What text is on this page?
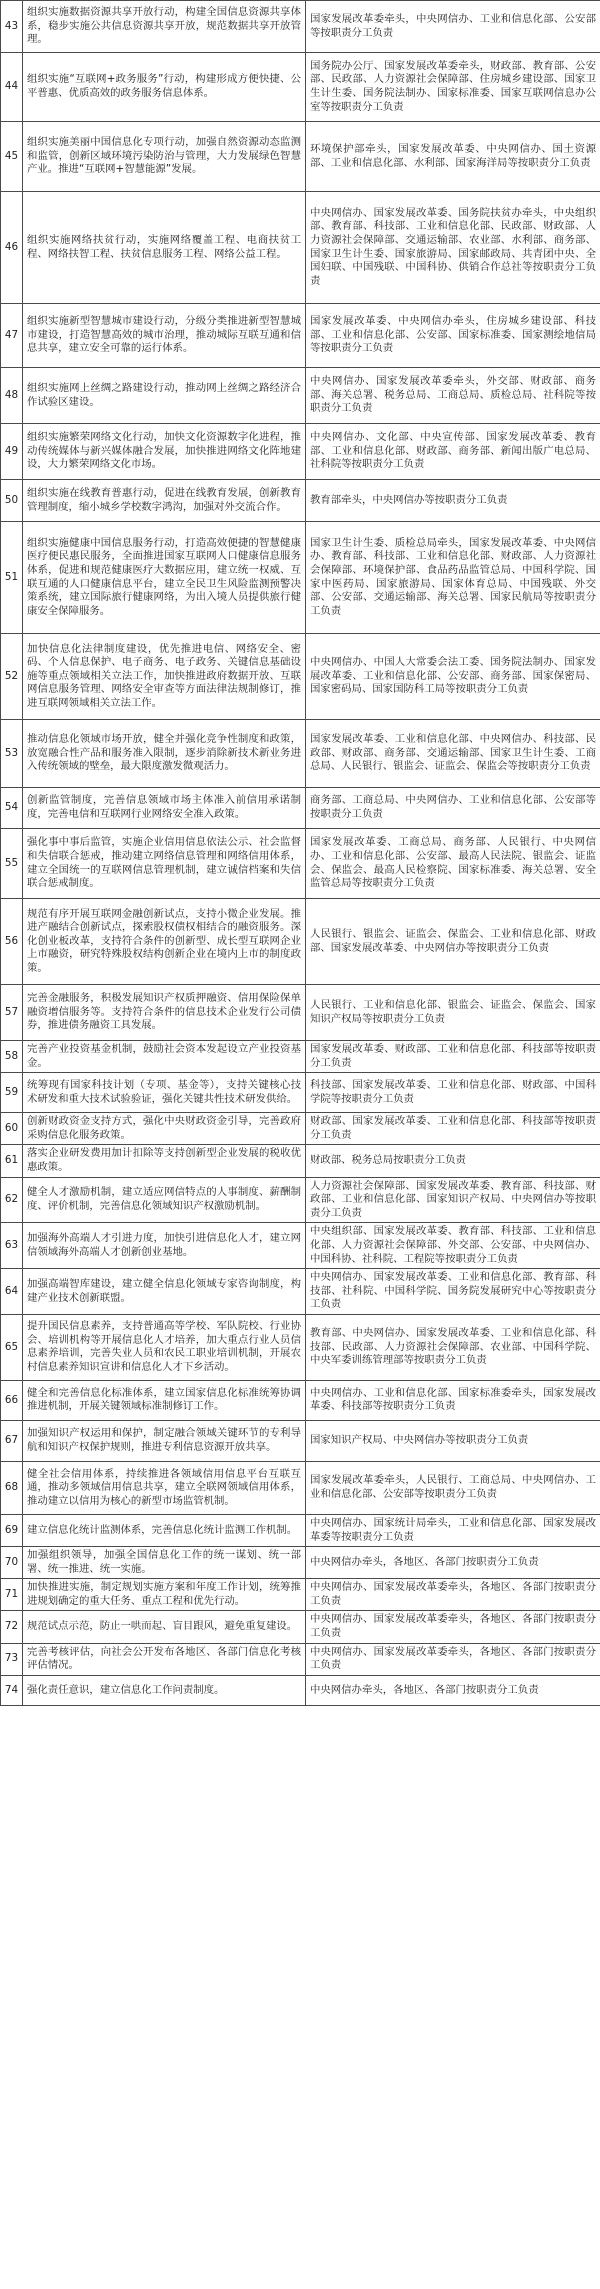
43	组织实施数据资源共享开放行动，构建全国信息资源共享体系，稳步实施公共信息资源共享开放，规范数据共享开放管理。	国家发展改革委牵头，中央网信办、工业和信息化部、公安部等按职责分工负责
44	组织实施“互联网+政务服务”行动，构建形成方便快捷、公平普惠、优质高效的政务服务信息体系。	国务院办公厅、国家发展改革委牵头，财政部、教育部、公安部、民政部、人力资源社会保障部、住房城乡建设部、国家卫生计生委、国务院法制办、国家标准委、国家互联网信息办公室等按职责分工负责
45	组织实施美丽中国信息化专项行动，加强自然资源动态监测和监管，创新区域环境污染防治与管理，大力发展绿色智慧产业。推进“互联网+智慧能源”发展。	环境保护部牵头，国家发展改革委、中央网信办、国土资源部、工业和信息化部、水利部、国家海洋局等按职责分工负责
46	组织实施网络扶贫行动，实施网络覆盖工程、电商扶贫工程、网络扶智工程、扶贫信息服务工程、网络公益工程。	中央网信办、国家发展改革委、国务院扶贫办牵头，中央组织部、教育部、科技部、工业和信息化部、民政部、财政部、人力资源社会保障部、交通运输部、农业部、水利部、商务部、国家卫生计生委、国家旅游局、国家邮政局、共青团中央、全国妇联、中国残联、中国科协、供销合作总社等按职责分工负责
47	组织实施新型智慧城市建设行动，分级分类推进新型智慧城市建设，打造智慧高效的城市治理，推动城际互联互通和信息共享，建立安全可靠的运行体系。	国家发展改革委、中央网信办牵头，住房城乡建设部、科技部、工业和信息化部、公安部、国家标准委、国家测绘地信局等按职责分工负责
48	组织实施网上丝绸之路建设行动，推动网上丝绸之路经济合作试验区建设。	中央网信办、国家发展改革委牵头，外交部、财政部、商务部、海关总署、税务总局、工商总局、质检总局、社科院等按职责分工负责
49	组织实施繁荣网络文化行动，加快文化资源数字化进程，推动传统媒体与新兴媒体融合发展，加快推进网络文化阵地建设，大力繁荣网络文化市场。	中央网信办、文化部、中央宣传部、国家发展改革委、教育部、工业和信息化部、财政部、商务部、新闻出版广电总局、社科院等按职责分工负责
50	组织实施在线教育普惠行动，促进在线教育发展，创新教育管理制度，缩小城乡学校数字鸿沟，加强对外交流合作。	教育部牵头，中央网信办等按职责分工负责
51	组织实施健康中国信息服务行动，打造高效便捷的智慧健康医疗便民惠民服务，全面推进国家互联网人口健康信息服务体系，促进和规范健康医疗大数据应用，建立统一权威、互联互通的人口健康信息平台，建立全民卫生风险监测预警决策系统，建立国际旅行健康网络，为出入境人员提供旅行健康安全保障服务。	国家卫生计生委、质检总局牵头，国家发展改革委、中央网信办、教育部、科技部、工业和信息化部、财政部、人力资源社会保障部、环境保护部、食品药品监管总局、中国科学院、国家中医药局、国家旅游局、国家体育总局、中国残联、外交部、公安部、交通运输部、海关总署、国家民航局等按职责分工负责
52	加快信息化法律制度建设，优先推进电信、网络安全、密码、个人信息保护、电子商务、电子政务、关键信息基础设施等重点领域相关立法工作，加快推进政府数据开放、互联网信息服务管理、网络安全审查等方面法律法规制修订，推进互联网领域相关立法工作。	中央网信办、中国人大常委会法工委、国务院法制办、国家发展改革委、工业和信息化部、公安部、商务部、国家保密局、国家密码局、国家国防科工局等按职责分工负责
53	推动信息化领域市场开放，健全并强化竞争性制度和政策，放宽融合性产品和服务准入限制，逐步消除新技术新业务进入传统领域的壁垒，最大限度激发微观活力。	国家发展改革委、工业和信息化部、中央网信办、科技部、民政部、财政部、商务部、交通运输部、国家卫生计生委、工商总局、人民银行、银监会、证监会、保监会等按职责分工负责
54	创新监管制度，完善信息领域市场主体准入前信用承诺制度，完善电信和互联网行业网络安全准入政策。	商务部、工商总局、中央网信办、工业和信息化部、公安部等按职责分工负责
55	强化事中事后监管，实施企业信用信息依法公示、社会监督和失信联合惩戒，推动建立网络信息管理和网络信用体系，建立全国统一的互联网信息管理机制，建立诚信档案和失信联合惩戒制度。	国家发展改革委、工商总局、商务部、人民银行、中央网信办、工业和信息化部、公安部、最高人民法院、银监会、证监会、保监会、最高人民检察院、国家标准委、海关总署、安全监管总局等按职责分工负责
56	规范有序开展互联网金融创新试点，支持小微企业发展。推进产融结合创新试点，探索股权债权相结合的融资服务。深化创业板改革，支持符合条件的创新型、成长型互联网企业上市融资，研究特殊股权结构创新企业在境内上市的制度政策。	人民银行、银监会、证监会、保监会、工业和信息化部、财政部、国家发展改革委、中央网信办等按职责分工负责
57	完善金融服务，积极发展知识产权质押融资、信用保险保单融资增信服务等。支持符合条件的信息技术企业发行公司债券，推进债务融资工具发展。	人民银行、工业和信息化部、银监会、证监会、保监会、国家知识产权局等按职责分工负责
58	完善产业投资基金机制，鼓励社会资本发起设立产业投资基金。	国家发展改革委、财政部、工业和信息化部、科技部等按职责分工负责
59	统筹现有国家科技计划（专项、基金等），支持关键核心技术研发和重大技术试验验证，强化关键共性技术研发供给。	科技部、国家发展改革委、工业和信息化部、财政部、中国科学院等按职责分工负责
60	创新财政资金支持方式，强化中央财政资金引导，完善政府采购信息化服务政策。	财政部、国家发展改革委、工业和信息化部、科技部等按职责分工负责
61	落实企业研发费用加计扣除等支持创新型企业发展的税收优惠政策。	财政部、税务总局按职责分工负责
62	健全人才激励机制，建立适应网信特点的人事制度、薪酬制度、评价机制，完善信息化领域知识产权激励机制。	人力资源社会保障部、国家发展改革委、教育部、科技部、财政部、工业和信息化部、国家知识产权局、中央网信办等按职责分工负责
63	加强海外高端人才引进力度，加快引进信息化人才，建立网信领域海外高端人才创新创业基地。	中央组织部、国家发展改革委、教育部、科技部、工业和信息化部、人力资源社会保障部、外交部、公安部、中央网信办、中国科协、社科院、工程院等按职责分工负责
64	加强高端智库建设，建立健全信息化领域专家咨询制度，构建产业技术创新联盟。	中央网信办、国家发展改革委、工业和信息化部、教育部、科技部、社科院、中国科学院、国务院发展研究中心等按职责分工负责
65	提升国民信息素养，支持普通高等学校、军队院校、行业协会、培训机构等开展信息化人才培养，加大重点行业人员信息素养培训，完善失业人员和农民工职业培训机制，开展农村信息素养知识宣讲和信息化人才下乡活动。	教育部、中央网信办、国家发展改革委、工业和信息化部、科技部、民政部、人力资源社会保障部、农业部、中国科学院、中央军委训练管理部等按职责分工负责
66	健全和完善信息化标准体系，建立国家信息化标准统筹协调推进机制，开展关键领域标准制修订工作。	中央网信办、工业和信息化部、国家标准委牵头，国家发展改革委、科技部等按职责分工负责
67	加强知识产权运用和保护，制定融合领域关键环节的专利导航和知识产权保护规则，推进专利信息资源开放共享。	国家知识产权局、中央网信办等按职责分工负责
68	健全社会信用体系，持续推进各领域信用信息平台互联互通，推动多领域信用信息共享，建立全联网领域信用体系，推动建立以信用为核心的新型市场监管机制。	国家发展改革委牵头，人民银行、工商总局、中央网信办、工业和信息化部、公安部等按职责分工负责
69	建立信息化统计监测体系，完善信息化统计监测工作机制。	中央网信办、国家统计局牵头，工业和信息化部、国家发展改革委等按职责分工负责
70	加强组织领导，加强全国信息化工作的统一谋划、统一部署、统一推进、统一实施。	中央网信办牵头，各地区、各部门按职责分工负责
71	加快推进实施，制定规划实施方案和年度工作计划，统筹推进规划确定的重大任务、重点工程和优先行动。	中央网信办、国家发展改革委牵头，各地区、各部门按职责分工负责
72	规范试点示范，防止一哄而起、盲目跟风，避免重复建设。	中央网信办、国家发展改革委牵头，各地区、各部门按职责分工负责
73	完善考核评估，向社会公开发布各地区、各部门信息化考核评估情况。	中央网信办、国家发展改革委牵头，各地区、各部门按职责分工负责
74	强化责任意识，建立信息化工作问责制度。	中央网信办牵头，各地区、各部门按职责分工负责
